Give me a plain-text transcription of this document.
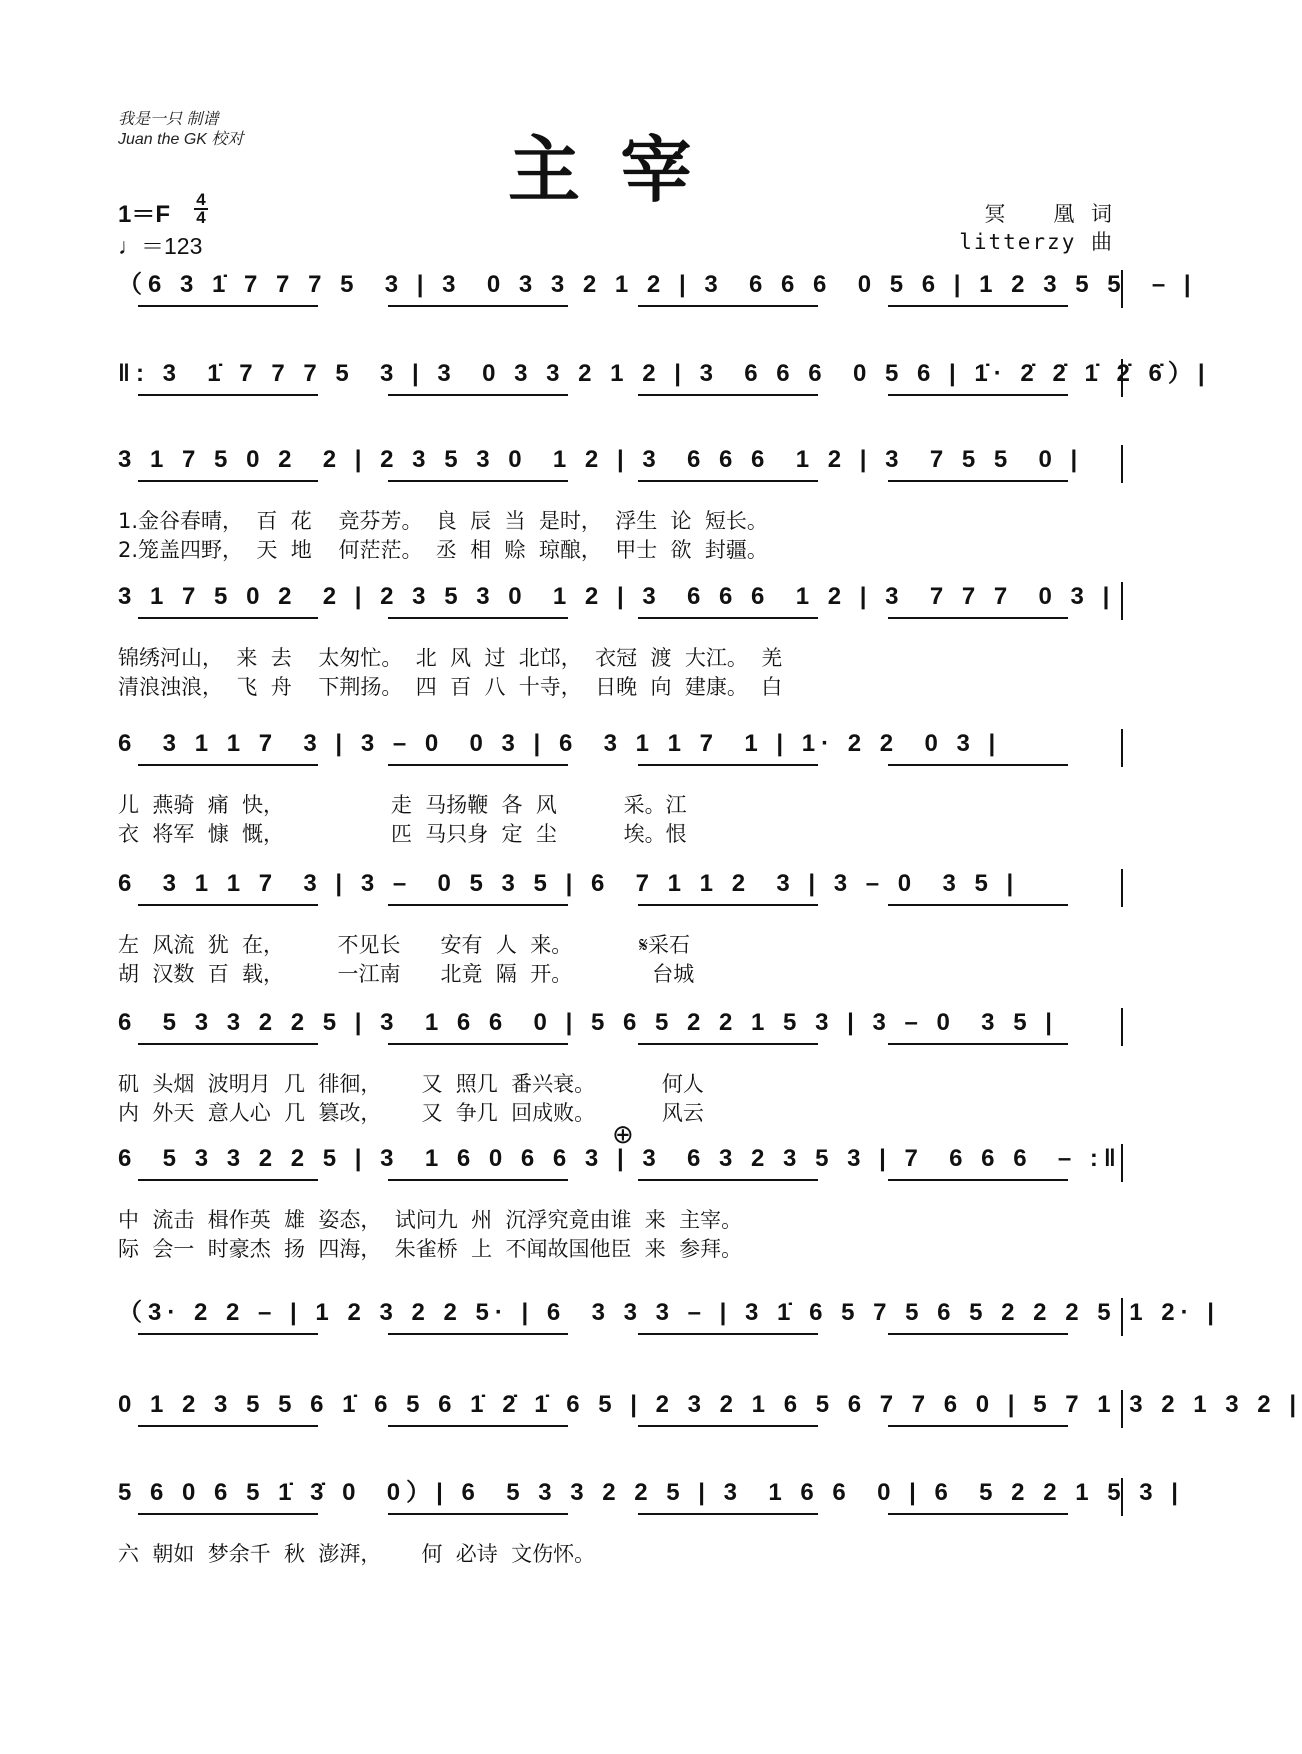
我是一只 制谱
Juan the GK 校对	主宰
1＝F
4
4
♩＝123
冥　　凰 词
litterzy 曲
（6 3 1̇ 7 7 7 5  3 | 3  0 3 3 2 1 2 | 3  6 6 6  0 5 6 | 1 2 3 5 5  – |
‖: 3  1̇ 7 7 7 5  3 | 3  0 3 3 2 1 2 | 3  6 6 6  0 5 6 | 1̇· 2̇ 2̇ 1̇ 2̇ 6̇）|
3 1 7 5 0 2  2 | 2 3 5 3 0  1 2 | 3  6 6 6  1 2 | 3  7 5 5  0 |
1.金谷春晴，  百  花    竞芬芳。  良  辰  当  是时，  浮生  论  短长。
2.笼盖四野，  天  地    何茫茫。  丞  相  赊  琼酿，  甲士  欲  封疆。
3 1 7 5 0 2  2 | 2 3 5 3 0  1 2 | 3  6 6 6  1 2 | 3  7 7 7  0 3 |
锦绣河山，  来  去    太匆忙。  北  风  过  北邙，  衣冠  渡  大江。  羌
清浪浊浪，  飞  舟    下荆扬。  四  百  八  十寺，  日晚  向  建康。  白
6  3 1 1 7  3 | 3 – 0  0 3 | 6  3 1 1 7  1 | 1· 2 2  0 3 |
儿  燕骑  痛  快，                走  马扬鞭  各  风          采。江
衣  将军  慷  慨，                匹  马只身  定  尘          埃。恨
6  3 1 1 7  3 | 3 –  0 5 3 5 | 6  7 1 1 2  3 | 3 – 0  3 5 |
左  风流  犹  在，        不见长      安有  人  来。          𝄋采石
胡  汉数  百  载，        一江南      北竟  隔  开。            台城
6  5 3 3 2 2 5 | 3  1 6 6  0 | 5 6 5 2 2 1 5 3 | 3 – 0  3 5 |
矶  头烟  波明月  几  徘徊，      又  照几  番兴衰。          何人
内  外天  意人心  几  篡改，      又  争几  回成败。          风云
6  5 3 3 2 2 5 | 3  1 6 0 6 6 3 | 3  6 3 2 3 5 3 | 7  6 6 6  – :‖
中  流击  楫作英  雄  姿态，  试问九  州  沉浮究竟由谁  来  主宰。
际  会一  时豪杰  扬  四海，  朱雀桥  上  不闻故国他臣  来  参拜。
（3· 2 2 – | 1 2 3 2 2 5· | 6  3 3 3 – | 3 1̇ 6 5 7 5 6 5 2 2 2 5 1 2· |
0 1 2 3 5 5 6 1̇ 6 5 6 1̇ 2̇ 1̇ 6 5 | 2 3 2 1 6 5 6 7 7 6 0 | 5 7 1 3 2 1 3 2 |
5 6 0 6 5 1̇ 3̇ 0  0）| 6  5 3 3 2 2 5 | 3  1 6 6  0 | 6  5 2 2 1 5 3 |
六  朝如  梦余千  秋  澎湃，      何  必诗  文伤怀。
⊕
